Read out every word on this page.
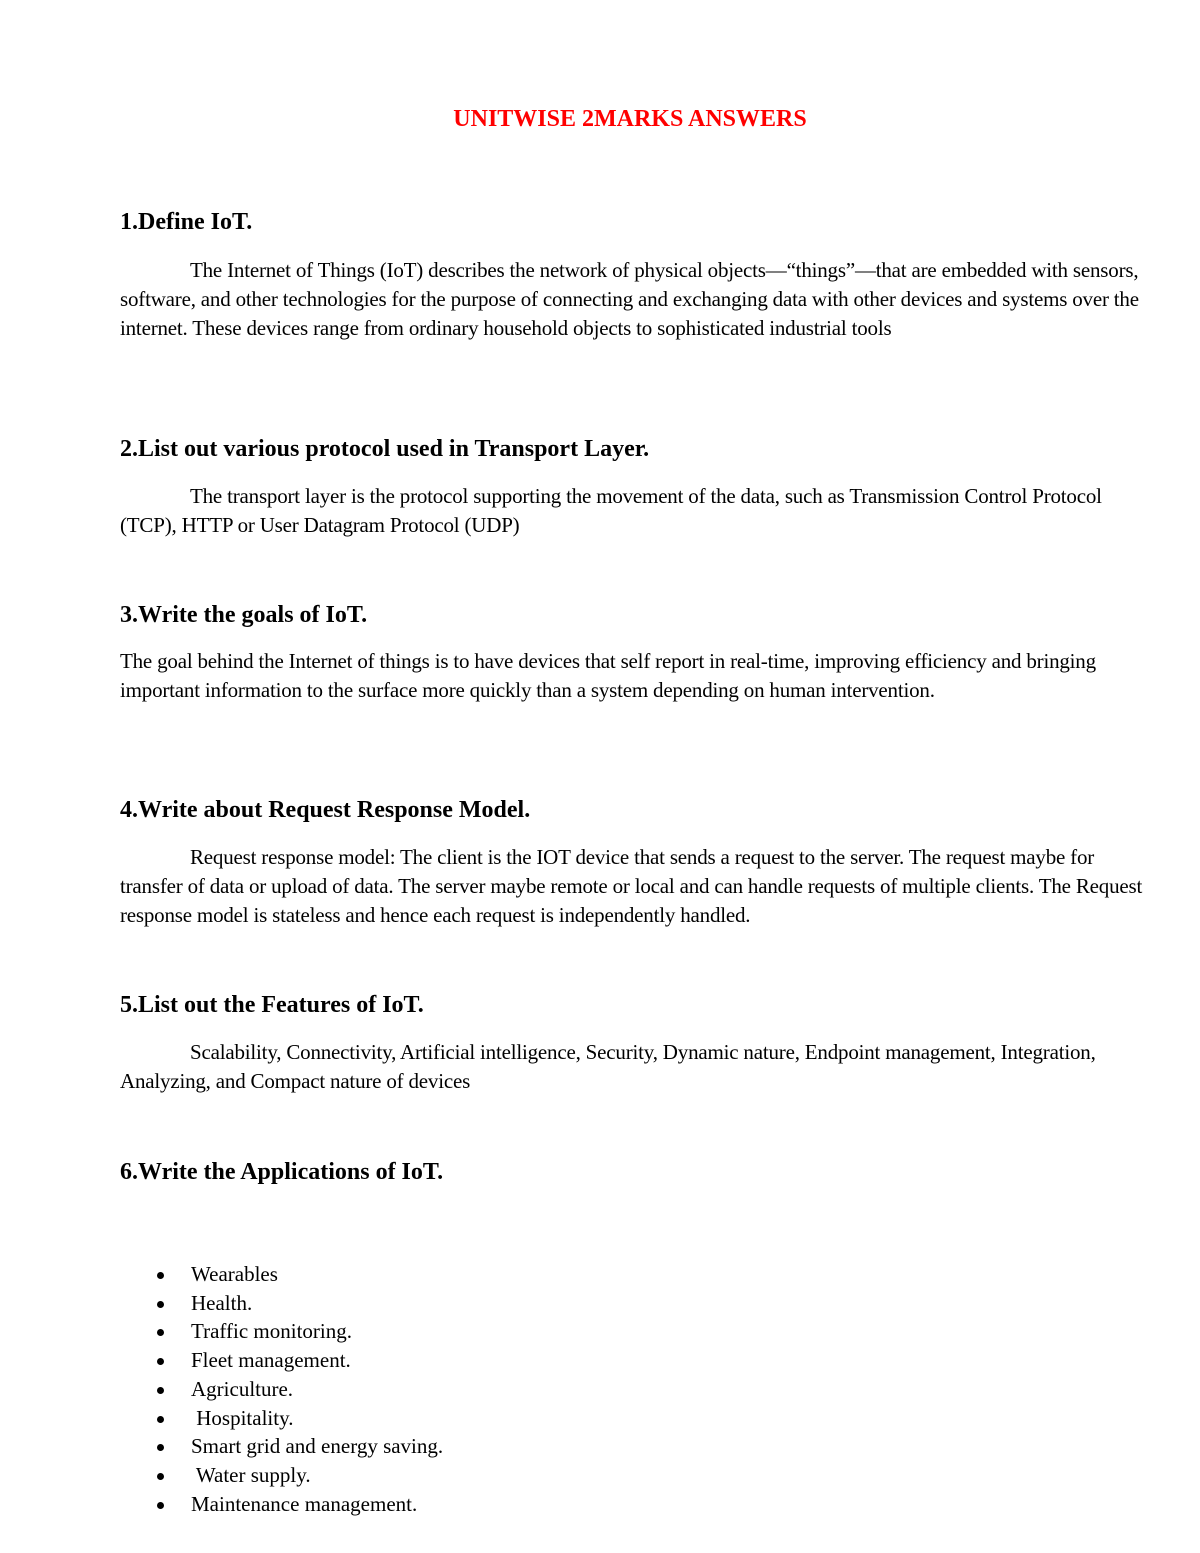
UNITWISE 2MARKS ANSWERS
1.Define IoT.

The Internet of Things (IoT) describes the network of physical objects—“things”—that are embedded with sensors, software, and other technologies for the purpose of connecting and exchanging data with other devices and systems over the internet. These devices range from ordinary household objects to sophisticated industrial tools

2.List out various protocol used in Transport Layer.

The transport layer is the protocol supporting the movement of the data, such as Transmission Control Protocol (TCP), HTTP or User Datagram Protocol (UDP)

3.Write the goals of IoT.

The goal behind the Internet of things is to have devices that self report in real-time, improving efficiency and bringing important information to the surface more quickly than a system depending on human intervention.

4.Write about Request Response Model.

Request response model: The client is the IOT device that sends a request to the server. The request maybe for transfer of data or upload of data. The server maybe remote or local and can handle requests of multiple clients. The Request response model is stateless and hence each request is independently handled.

5.List out the Features of IoT.

Scalability, Connectivity, Artificial intelligence, Security, Dynamic nature, Endpoint management, Integration, Analyzing, and Compact nature of devices

6.Write the Applications of IoT.
Wearables
Health.
Traffic monitoring.
Fleet management.
Agriculture.
Hospitality.
Smart grid and energy saving.
Water supply.
Maintenance management.
